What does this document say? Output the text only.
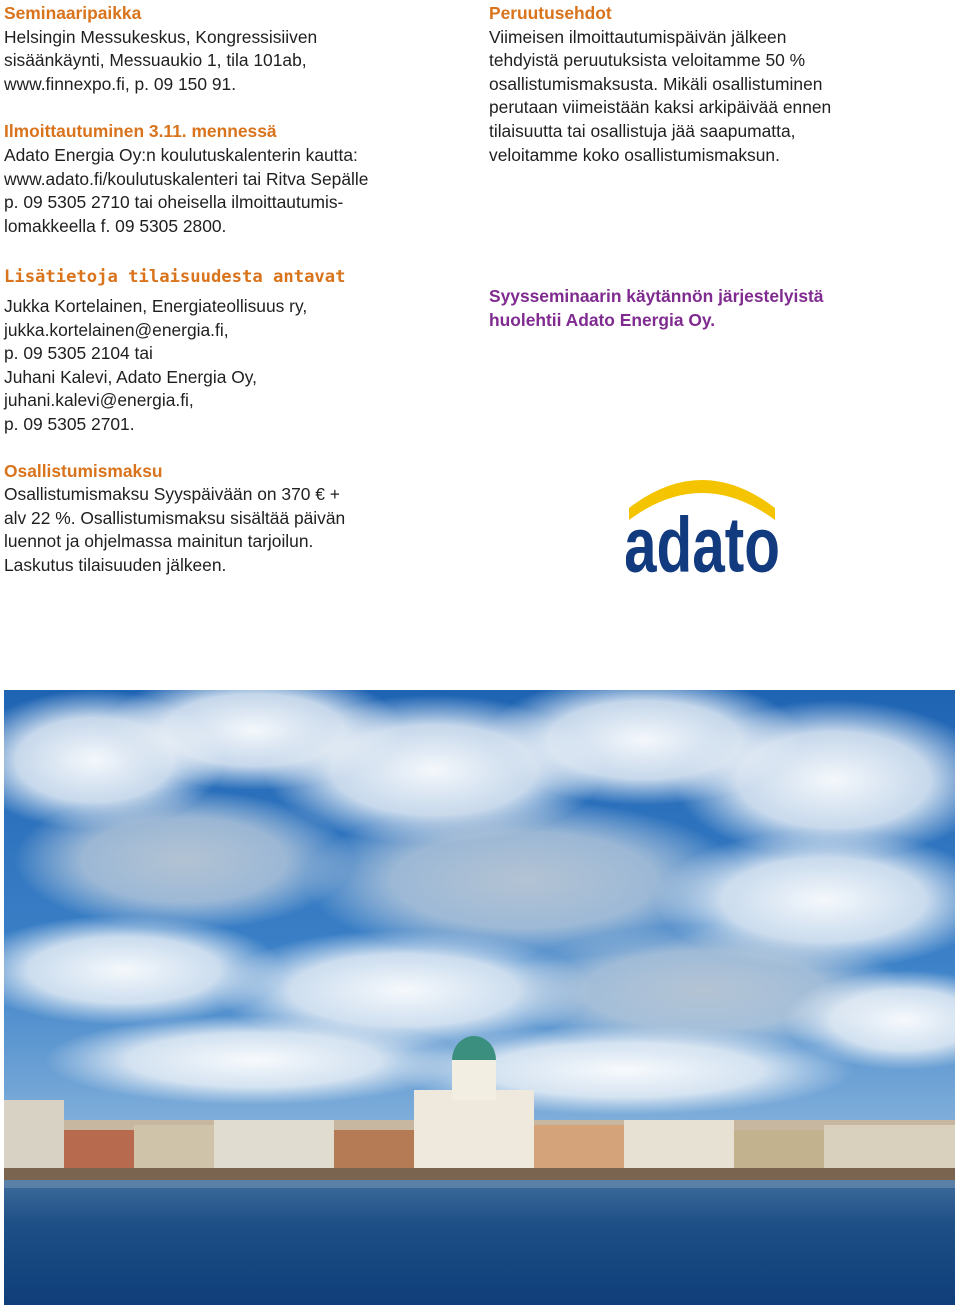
Seminaaripaikka
Helsingin Messukeskus, Kongressisiiven
sisäänkäynti, Messuaukio 1, tila 101ab,
www.finnexpo.fi, p. 09 150 91.
Ilmoittautuminen 3.11. mennessä
Adato Energia Oy:n koulutuskalenterin kautta:
www.adato.fi/koulutuskalenteri tai Ritva Sepälle
p. 09 5305 2710 tai oheisella ilmoittautumis-
lomakkeella f. 09 5305 2800.
Lisätietoja tilaisuudesta antavat
Jukka Kortelainen, Energiateollisuus ry,
jukka.kortelainen@energia.fi,
p. 09 5305 2104 tai
Juhani Kalevi, Adato Energia Oy,
juhani.kalevi@energia.fi,
p. 09 5305 2701.
Osallistumismaksu
Osallistumismaksu Syyspäivään on 370 € +
alv 22 %. Osallistumismaksu sisältää päivän
luennot ja ohjelmassa mainitun tarjoilun.
Laskutus tilaisuuden jälkeen.
Peruutusehdot
Viimeisen ilmoittautumispäivän jälkeen
tehdyistä peruutuksista veloitamme 50 %
osallistumismaksusta. Mikäli osallistuminen
perutaan viimeistään kaksi arkipäivää ennen
tilaisuutta tai osallistuja jää saapumatta,
veloitamme koko osallistumismaksun.
Syysseminaarin käytännön järjestelyistä
huolehtii Adato Energia Oy.
adato
